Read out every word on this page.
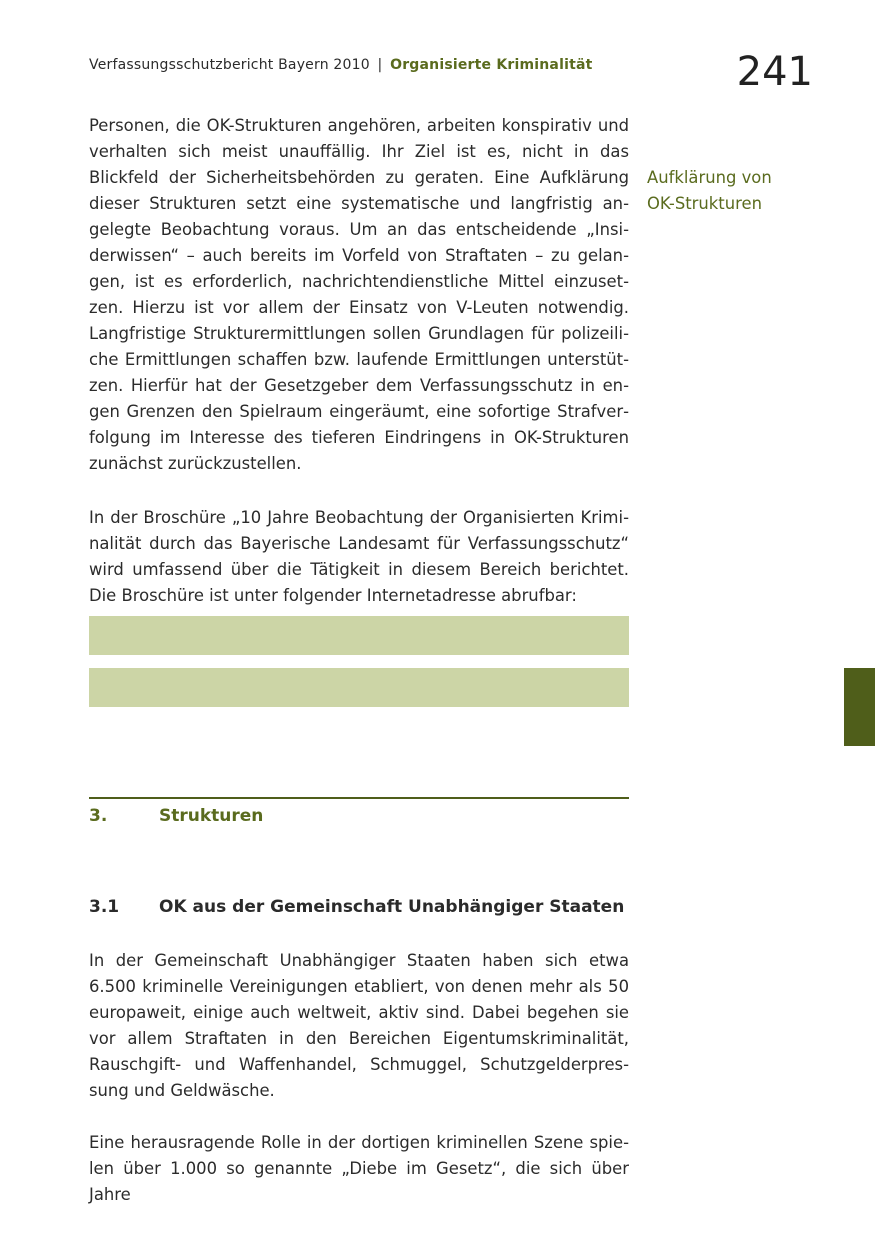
Verfassungsschutzbericht Bayern 2010 | Organisierte Kriminalität	241
Aufklärung von
OK-Strukturen

Personen, die OK-Strukturen angehören, arbeiten konspirativ und verhalten sich meist unauffällig. Ihr Ziel ist es, nicht in das Blickfeld der Sicherheitsbehörden zu geraten. Eine Aufklärung dieser Strukturen setzt eine systematische und langfristig angelegte Beobachtung voraus. Um an das entscheidende „Insiderwissen“ – auch bereits im Vorfeld von Straftaten – zu gelangen, ist es erforderlich, nachrichtendienstliche Mittel einzusetzen. Hierzu ist vor allem der Einsatz von V-Leuten notwendig. Langfristige Strukturermittlungen sollen Grundlagen für polizeiliche Ermittlungen schaffen bzw. laufende Ermittlungen unterstützen. Hierfür hat der Gesetzgeber dem Verfassungsschutz in engen Grenzen den Spielraum eingeräumt, eine sofortige Strafverfolgung im Interesse des tieferen Eindringens in OK-Strukturen zunächst zurückzustellen.

In der Broschüre „10 Jahre Beobachtung der Organisierten Kriminalität durch das Bayerische Landesamt für Verfassungsschutz“ wird umfassend über die Tätigkeit in diesem Bereich berichtet. Die Broschüre ist unter folgender Internetadresse abrufbar:

3.	Strukturen
3.1 OK aus der Gemeinschaft Unabhängiger Staaten

In der Gemeinschaft Unabhängiger Staaten haben sich etwa 6.500 kriminelle Vereinigungen etabliert, von denen mehr als 50 europaweit, einige auch weltweit, aktiv sind. Dabei begehen sie vor allem Straftaten in den Bereichen Eigentumskriminalität, Rauschgift- und Waffenhandel, Schmuggel, Schutzgelderpressung und Geldwäsche.

Eine herausragende Rolle in der dortigen kriminellen Szene spielen über 1.000 so genannte „Diebe im Gesetz“, die sich über Jahre
